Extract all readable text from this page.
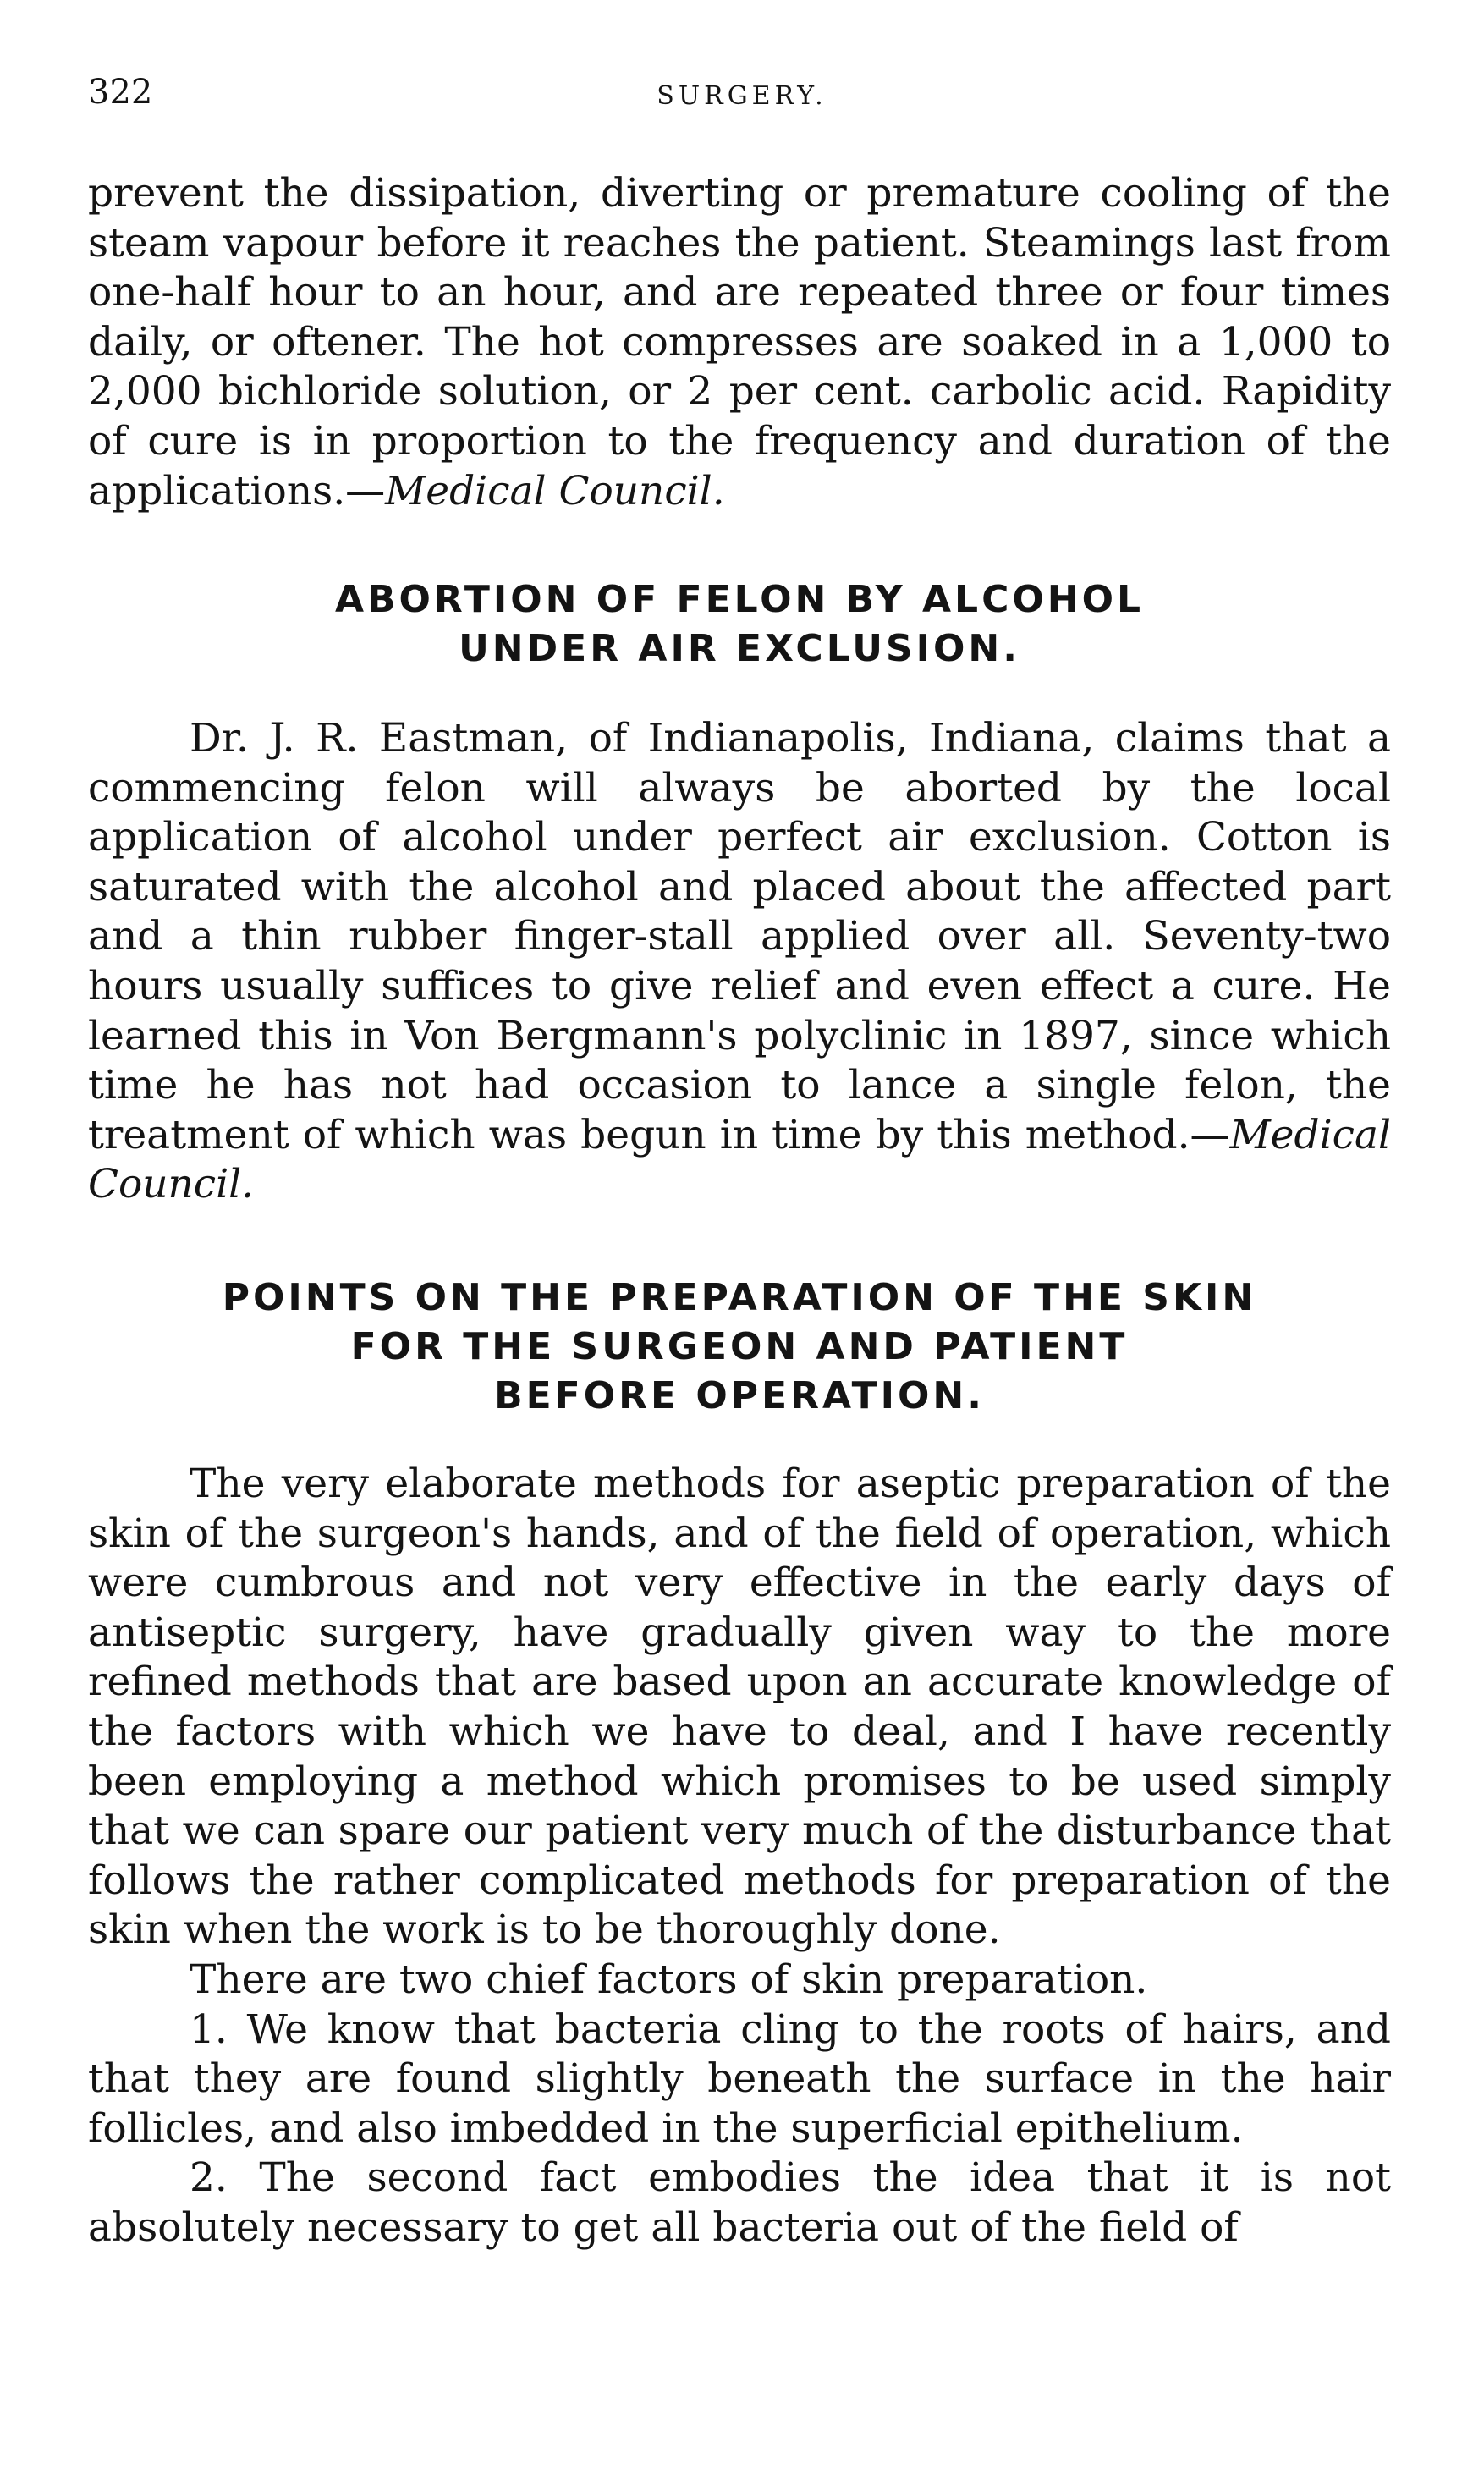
322	SURGERY.

prevent the dissipation, diverting or premature cooling of the steam vapour before it reaches the patient. Steamings last from one-half hour to an hour, and are repeated three or four times daily, or oftener. The hot compresses are soaked in a 1,000 to 2,000 bichloride solution, or 2 per cent. carbolic acid. Rapidity of cure is in proportion to the frequency and duration of the applications.—Medical Council.

ABORTION OF FELON BY ALCOHOL
UNDER AIR EXCLUSION.

Dr. J. R. Eastman, of Indianapolis, Indiana, claims that a commencing felon will always be aborted by the local application of alcohol under perfect air exclusion. Cotton is saturated with the alcohol and placed about the affected part and a thin rubber finger-stall applied over all. Seventy-two hours usually suffices to give relief and even effect a cure. He learned this in Von Bergmann's polyclinic in 1897, since which time he has not had occasion to lance a single felon, the treatment of which was begun in time by this method.—Medical Council.

POINTS ON THE PREPARATION OF THE SKIN
FOR THE SURGEON AND PATIENT
BEFORE OPERATION.

The very elaborate methods for aseptic preparation of the skin of the surgeon's hands, and of the field of operation, which were cumbrous and not very effective in the early days of antiseptic surgery, have gradually given way to the more refined methods that are based upon an accurate knowledge of the factors with which we have to deal, and I have recently been employing a method which promises to be used simply that we can spare our patient very much of the disturbance that follows the rather complicated methods for preparation of the skin when the work is to be thoroughly done.

There are two chief factors of skin preparation.

1. We know that bacteria cling to the roots of hairs, and that they are found slightly beneath the surface in the hair follicles, and also imbedded in the superficial epithelium.

2. The second fact embodies the idea that it is not absolutely necessary to get all bacteria out of the field of
